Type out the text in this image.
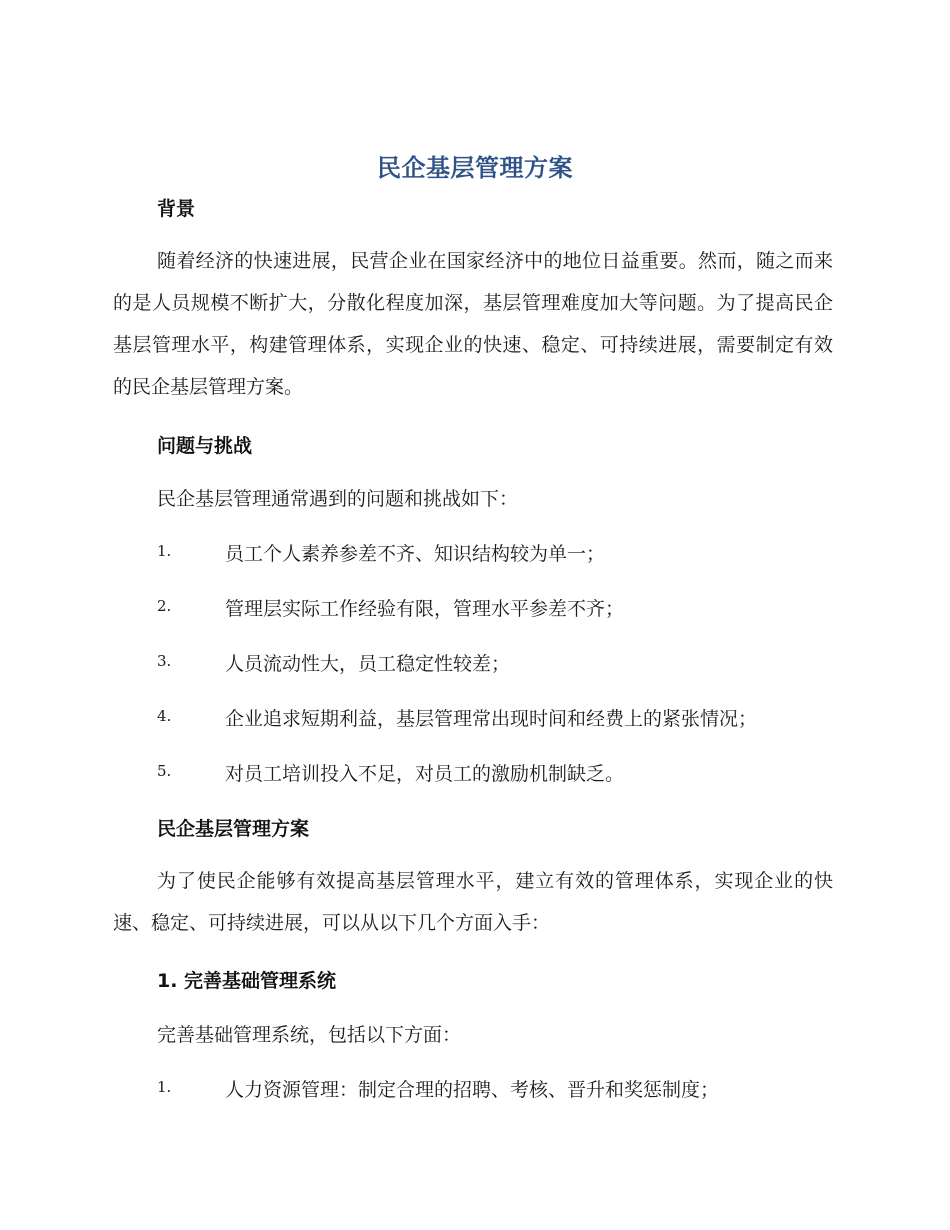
民企基层管理方案
背景

随着经济的快速进展，民营企业在国家经济中的地位日益重要。然而，随之而来的是人员规模不断扩大，分散化程度加深，基层管理难度加大等问题。为了提高民企基层管理水平，构建管理体系，实现企业的快速、稳定、可持续进展，需要制定有效的民企基层管理方案。

问题与挑战

民企基层管理通常遇到的问题和挑战如下：

1.	员工个人素养参差不齐、知识结构较为单一；
2.	管理层实际工作经验有限，管理水平参差不齐；
3.	人员流动性大，员工稳定性较差；
4.	企业追求短期利益，基层管理常出现时间和经费上的紧张情况；
5.	对员工培训投入不足，对员工的激励机制缺乏。
民企基层管理方案

为了使民企能够有效提高基层管理水平，建立有效的管理体系，实现企业的快速、稳定、可持续进展，可以从以下几个方面入手：

1. 完善基础管理系统

完善基础管理系统，包括以下方面：

1.	人力资源管理：制定合理的招聘、考核、晋升和奖惩制度；
